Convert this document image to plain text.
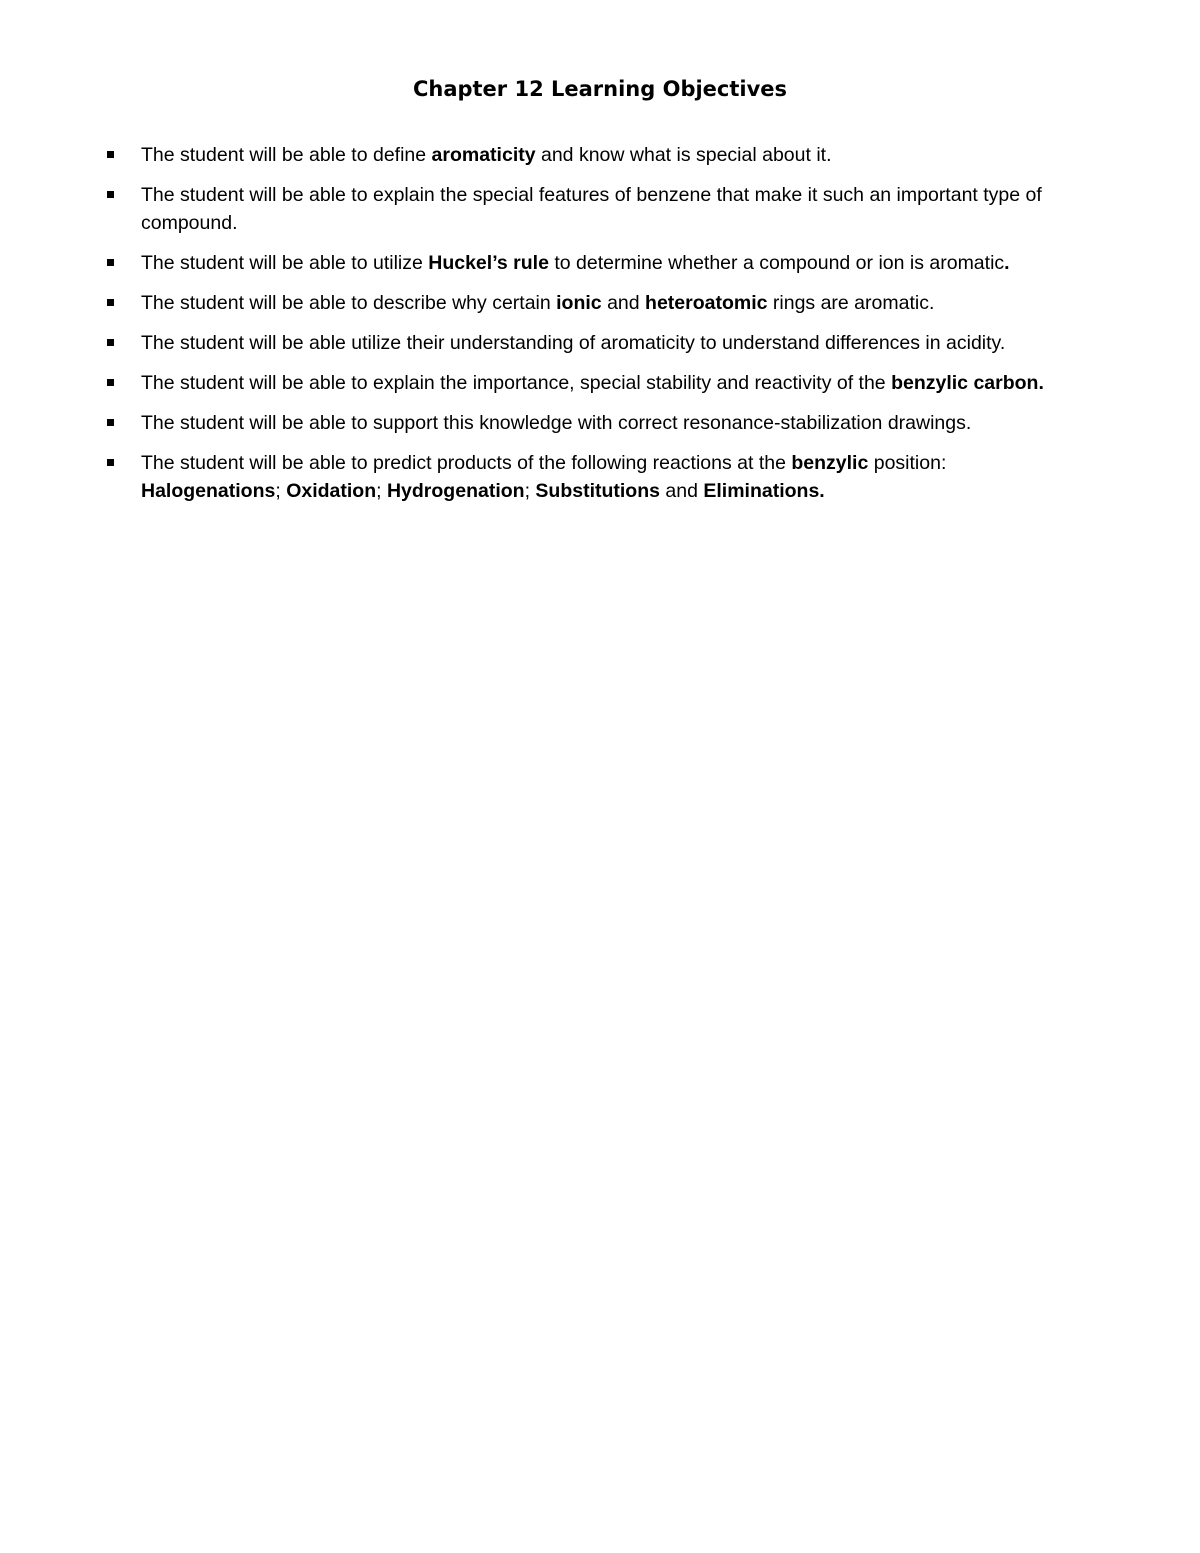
Chapter 12 Learning Objectives
The student will be able to define aromaticity and know what is special about it.
The student will be able to explain the special features of benzene that make it such an important type of compound.
The student will be able to utilize Huckel’s rule to determine whether a compound or ion is aromatic.
The student will be able to describe why certain ionic and heteroatomic rings are aromatic.
The student will be able utilize their understanding of aromaticity to understand differences in acidity.
The student will be able to explain the importance, special stability and reactivity of the benzylic carbon.
The student will be able to support this knowledge with correct resonance-stabilization drawings.
The student will be able to predict products of the following reactions at the benzylic position:
Halogenations; Oxidation; Hydrogenation; Substitutions and Eliminations.
